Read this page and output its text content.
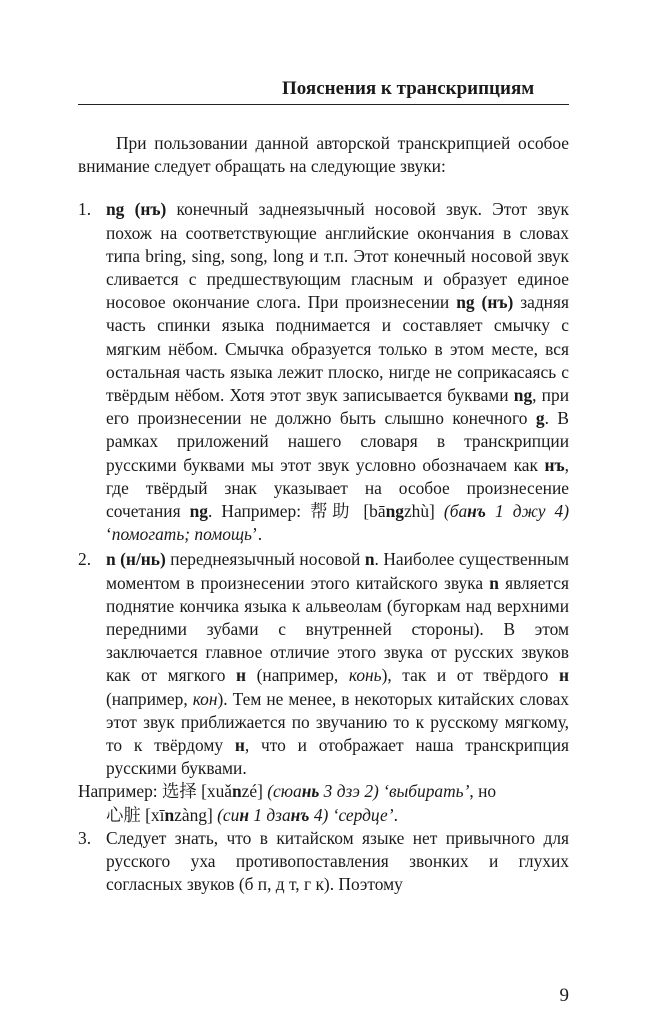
Пояснения к транскрипциям

При пользовании данной авторской транскрипцией особое внимание следует обращать на следующие звуки:

1. ng (нъ) конечный заднеязычный носовой звук. Этот звук похож на соответствующие английские окончания в словах типа bring, sing, song, long и т.п. Этот конечный носовой звук сливается с предшествующим гласным и образует единое носовое окончание слога. При произнесении ng (нъ) задняя часть спинки языка поднимается и составляет смычку с мягким нёбом. Смычка образуется только в этом месте, вся остальная часть языка лежит плоско, нигде не соприкасаясь с твёрдым нёбом. Хотя этот звук записывается буквами ng, при его произнесении не должно быть слышно конечного g. В рамках приложений нашего словаря в транскрипции русскими буквами мы этот звук условно обозначаем как нъ, где твёрдый знак указывает на особое произнесение сочетания ng. Например: 帮助 [bāngzhù] (банъ 1 джу 4) ‘помогать; помощь’.

2. n (н/нь) переднеязычный носовой n. Наиболее существенным моментом в произнесении этого китайского звука n является поднятие кончика языка к альвеолам (бугоркам над верхними передними зубами с внутренней стороны). В этом заключается главное отличие этого звука от русских звуков как от мягкого н (например, конь), так и от твёрдого н (например, кон). Тем не менее, в некоторых китайских словах этот звук приближается по звучанию то к русскому мягкому, то к твёрдому н, что и отображает наша транскрипция русскими буквами.

Например: 选择 [xuǎnzé] (сюань 3 дзэ 2) ‘выбирать’, но

心脏 [xīnzàng] (син 1 дзанъ 4) ‘сердце’.

3. Следует знать, что в китайском языке нет привычного для русского уха противопоставления звонких и глухих согласных звуков (б п, д т, г к). Поэтому

9
